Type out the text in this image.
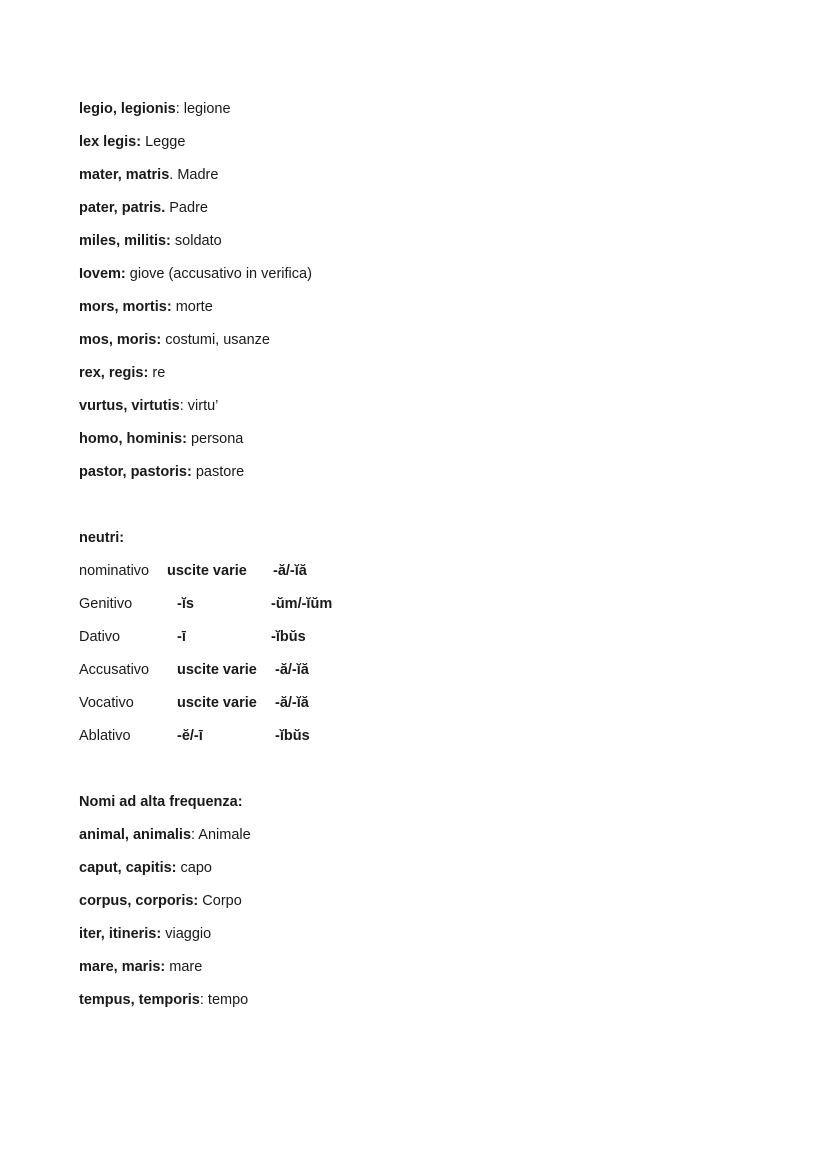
legio, legionis: legione
lex legis: Legge
mater, matris. Madre
pater, patris. Padre
miles, militis: soldato
Iovem: giove (accusativo in verifica)
mors, mortis: morte
mos, moris: costumi, usanze
rex, regis: re
vurtus, virtutis: virtu’
homo, hominis: persona
pastor, pastoris: pastore
neutri:
nominativo uscite varie -ă/-ĭă
Genitivo	-ĭs	-ŭm/-ĭŭm
Dativo	-ī	-ĭbŭs
Accusativo uscite varie -ă/-ĭă
Vocativo	uscite varie -ă/-ĭă
Ablativo	-ĕ/-ī	-ĭbŭs
Nomi ad alta frequenza:
animal, animalis: Animale
caput, capitis: capo
corpus, corporis: Corpo
iter, itineris: viaggio
mare, maris: mare
tempus, temporis: tempo
